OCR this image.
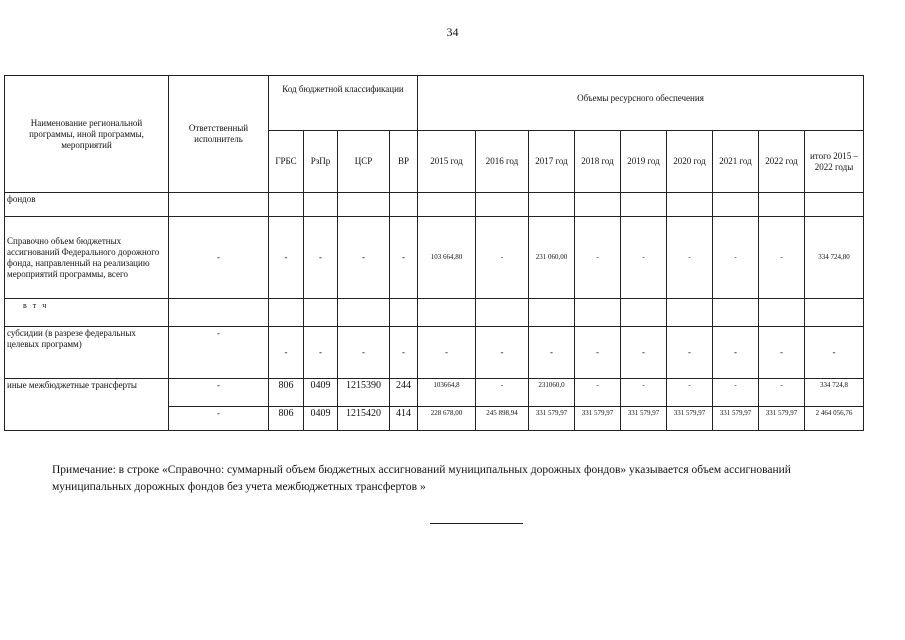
34
Наименование региональной программы, иной программы, мероприятий	Ответственный исполнитель	Код бюджетной классификации				Объемы ресурсного обеспечения								
		ГРБС	РзПр	ЦСР	ВР	2015 год	2016 год	2017 год	2018 год	2019 год	2020 год	2021 год	2022 год	итого 2015 – 2022 годы
фондов														
Справочно объем бюджетных ассигнований Федерального дорожного фонда, направленный на реализацию мероприятий программы, всего	-	-	-	-	-	103 664,80	-	231 060,00	-	-	-	-	-	334 724,80
в т ч														
субсидии (в разрезе федеральных целевых программ)	-	-	-	-	-	-	-	-	-	-	-	-	-	-
иные межбюджетные трансферты	-	806	0409	1215390	244	103664,8	-	231060,0	-	-	-	-	-	334 724,8
	-	806	0409	1215420	414	228 678,00	245 898,94	331 579,97	331 579,97	331 579,97	331 579,97	331 579,97	331 579,97	2 464 056,76
Примечание: в строке «Справочно: суммарный объем бюджетных ассигнований муниципальных дорожных фондов» указывается объем ассигнований муниципальных дорожных фондов без учета межбюджетных трансфертов »
